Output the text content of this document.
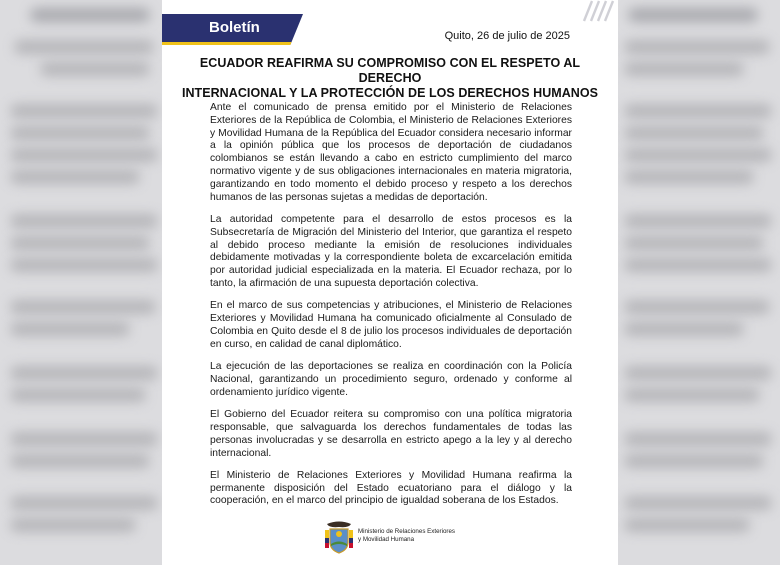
Boletín	Quito, 26 de julio de 2025
ECUADOR REAFIRMA SU COMPROMISO CON EL RESPETO AL DERECHO
INTERNACIONAL Y LA PROTECCIÓN DE LOS DERECHOS HUMANOS

Ante el comunicado de prensa emitido por el Ministerio de Relaciones Exteriores de la República de Colombia, el Ministerio de Relaciones Exteriores y Movilidad Humana de la República del Ecuador considera necesario informar a la opinión pública que los procesos de deportación de ciudadanos colombianos se están llevando a cabo en estricto cumplimiento del marco normativo vigente y de sus obligaciones internacionales en materia migratoria, garantizando en todo momento el debido proceso y respeto a los derechos humanos de las personas sujetas a medidas de deportación.

La autoridad competente para el desarrollo de estos procesos es la Subsecretaría de Migración del Ministerio del Interior, que garantiza el respeto al debido proceso mediante la emisión de resoluciones individuales debidamente motivadas y la correspondiente boleta de excarcelación emitida por autoridad judicial especializada en la materia. El Ecuador rechaza, por lo tanto, la afirmación de una supuesta deportación colectiva.

En el marco de sus competencias y atribuciones, el Ministerio de Relaciones Exteriores y Movilidad Humana ha comunicado oficialmente al Consulado de Colombia en Quito desde el 8 de julio los procesos individuales de deportación en curso, en calidad de canal diplomático.

La ejecución de las deportaciones se realiza en coordinación con la Policía Nacional, garantizando un procedimiento seguro, ordenado y conforme al ordenamiento jurídico vigente.

El Gobierno del Ecuador reitera su compromiso con una política migratoria responsable, que salvaguarda los derechos fundamentales de todas las personas involucradas y se desarrolla en estricto apego a la ley y al derecho internacional.

El Ministerio de Relaciones Exteriores y Movilidad Humana reafirma la permanente disposición del Estado ecuatoriano para el diálogo y la cooperación, en el marco del principio de igualdad soberana de los Estados.

Ministerio de Relaciones Exteriores
y Movilidad Humana
